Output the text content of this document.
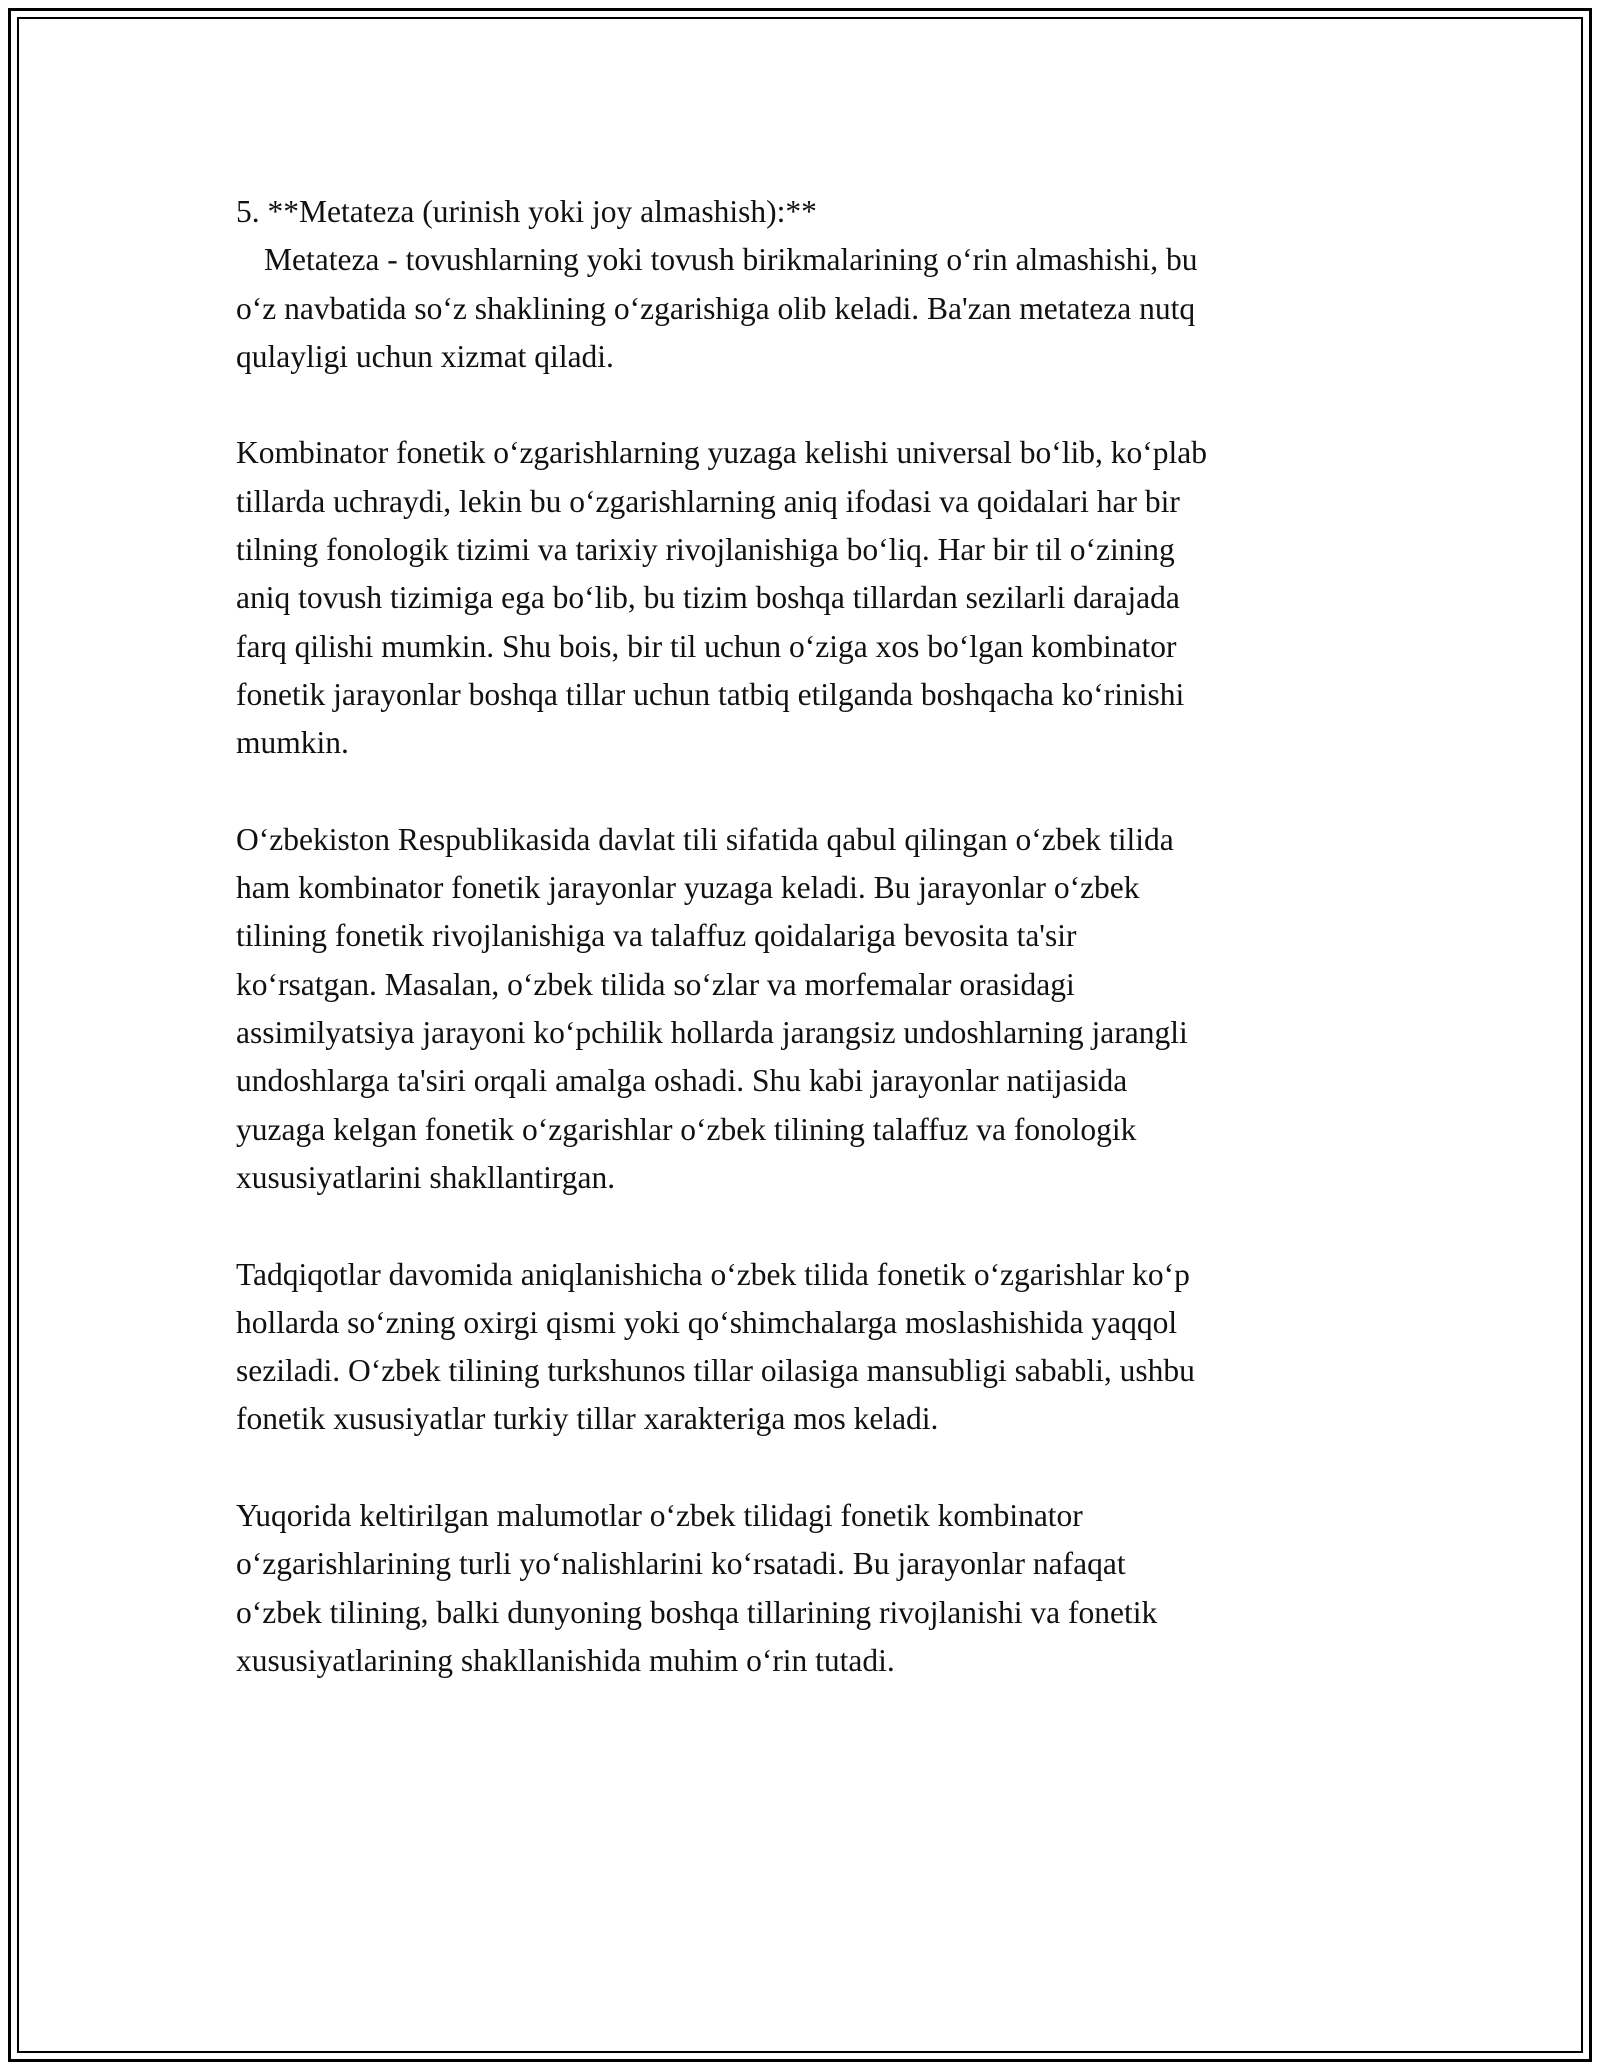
5. **Metateza (urinish yoki joy almashish):**
Metateza - tovushlarning yoki tovush birikmalarining o‘rin almashishi, bu
o‘z navbatida so‘z shaklining o‘zgarishiga olib keladi. Ba'zan metateza nutq
qulayligi uchun xizmat qiladi.

Kombinator fonetik o‘zgarishlarning yuzaga kelishi universal bo‘lib, ko‘plab
tillarda uchraydi, lekin bu o‘zgarishlarning aniq ifodasi va qoidalari har bir
tilning fonologik tizimi va tarixiy rivojlanishiga bo‘liq. Har bir til o‘zining
aniq tovush tizimiga ega bo‘lib, bu tizim boshqa tillardan sezilarli darajada
farq qilishi mumkin. Shu bois, bir til uchun o‘ziga xos bo‘lgan kombinator
fonetik jarayonlar boshqa tillar uchun tatbiq etilganda boshqacha ko‘rinishi
mumkin.

O‘zbekiston Respublikasida davlat tili sifatida qabul qilingan o‘zbek tilida
ham kombinator fonetik jarayonlar yuzaga keladi. Bu jarayonlar o‘zbek
tilining fonetik rivojlanishiga va talaffuz qoidalariga bevosita ta'sir
ko‘rsatgan. Masalan, o‘zbek tilida so‘zlar va morfemalar orasidagi
assimilyatsiya jarayoni ko‘pchilik hollarda jarangsiz undoshlarning jarangli
undoshlarga ta'siri orqali amalga oshadi. Shu kabi jarayonlar natijasida
yuzaga kelgan fonetik o‘zgarishlar o‘zbek tilining talaffuz va fonologik
xususiyatlarini shakllantirgan.

Tadqiqotlar davomida aniqlanishicha o‘zbek tilida fonetik o‘zgarishlar ko‘p
hollarda so‘zning oxirgi qismi yoki qo‘shimchalarga moslashishida yaqqol
seziladi. O‘zbek tilining turkshunos tillar oilasiga mansubligi sababli, ushbu
fonetik xususiyatlar turkiy tillar xarakteriga mos keladi.

Yuqorida keltirilgan malumotlar o‘zbek tilidagi fonetik kombinator
o‘zgarishlarining turli yo‘nalishlarini ko‘rsatadi. Bu jarayonlar nafaqat
o‘zbek tilining, balki dunyoning boshqa tillarining rivojlanishi va fonetik
xususiyatlarining shakllanishida muhim o‘rin tutadi.
